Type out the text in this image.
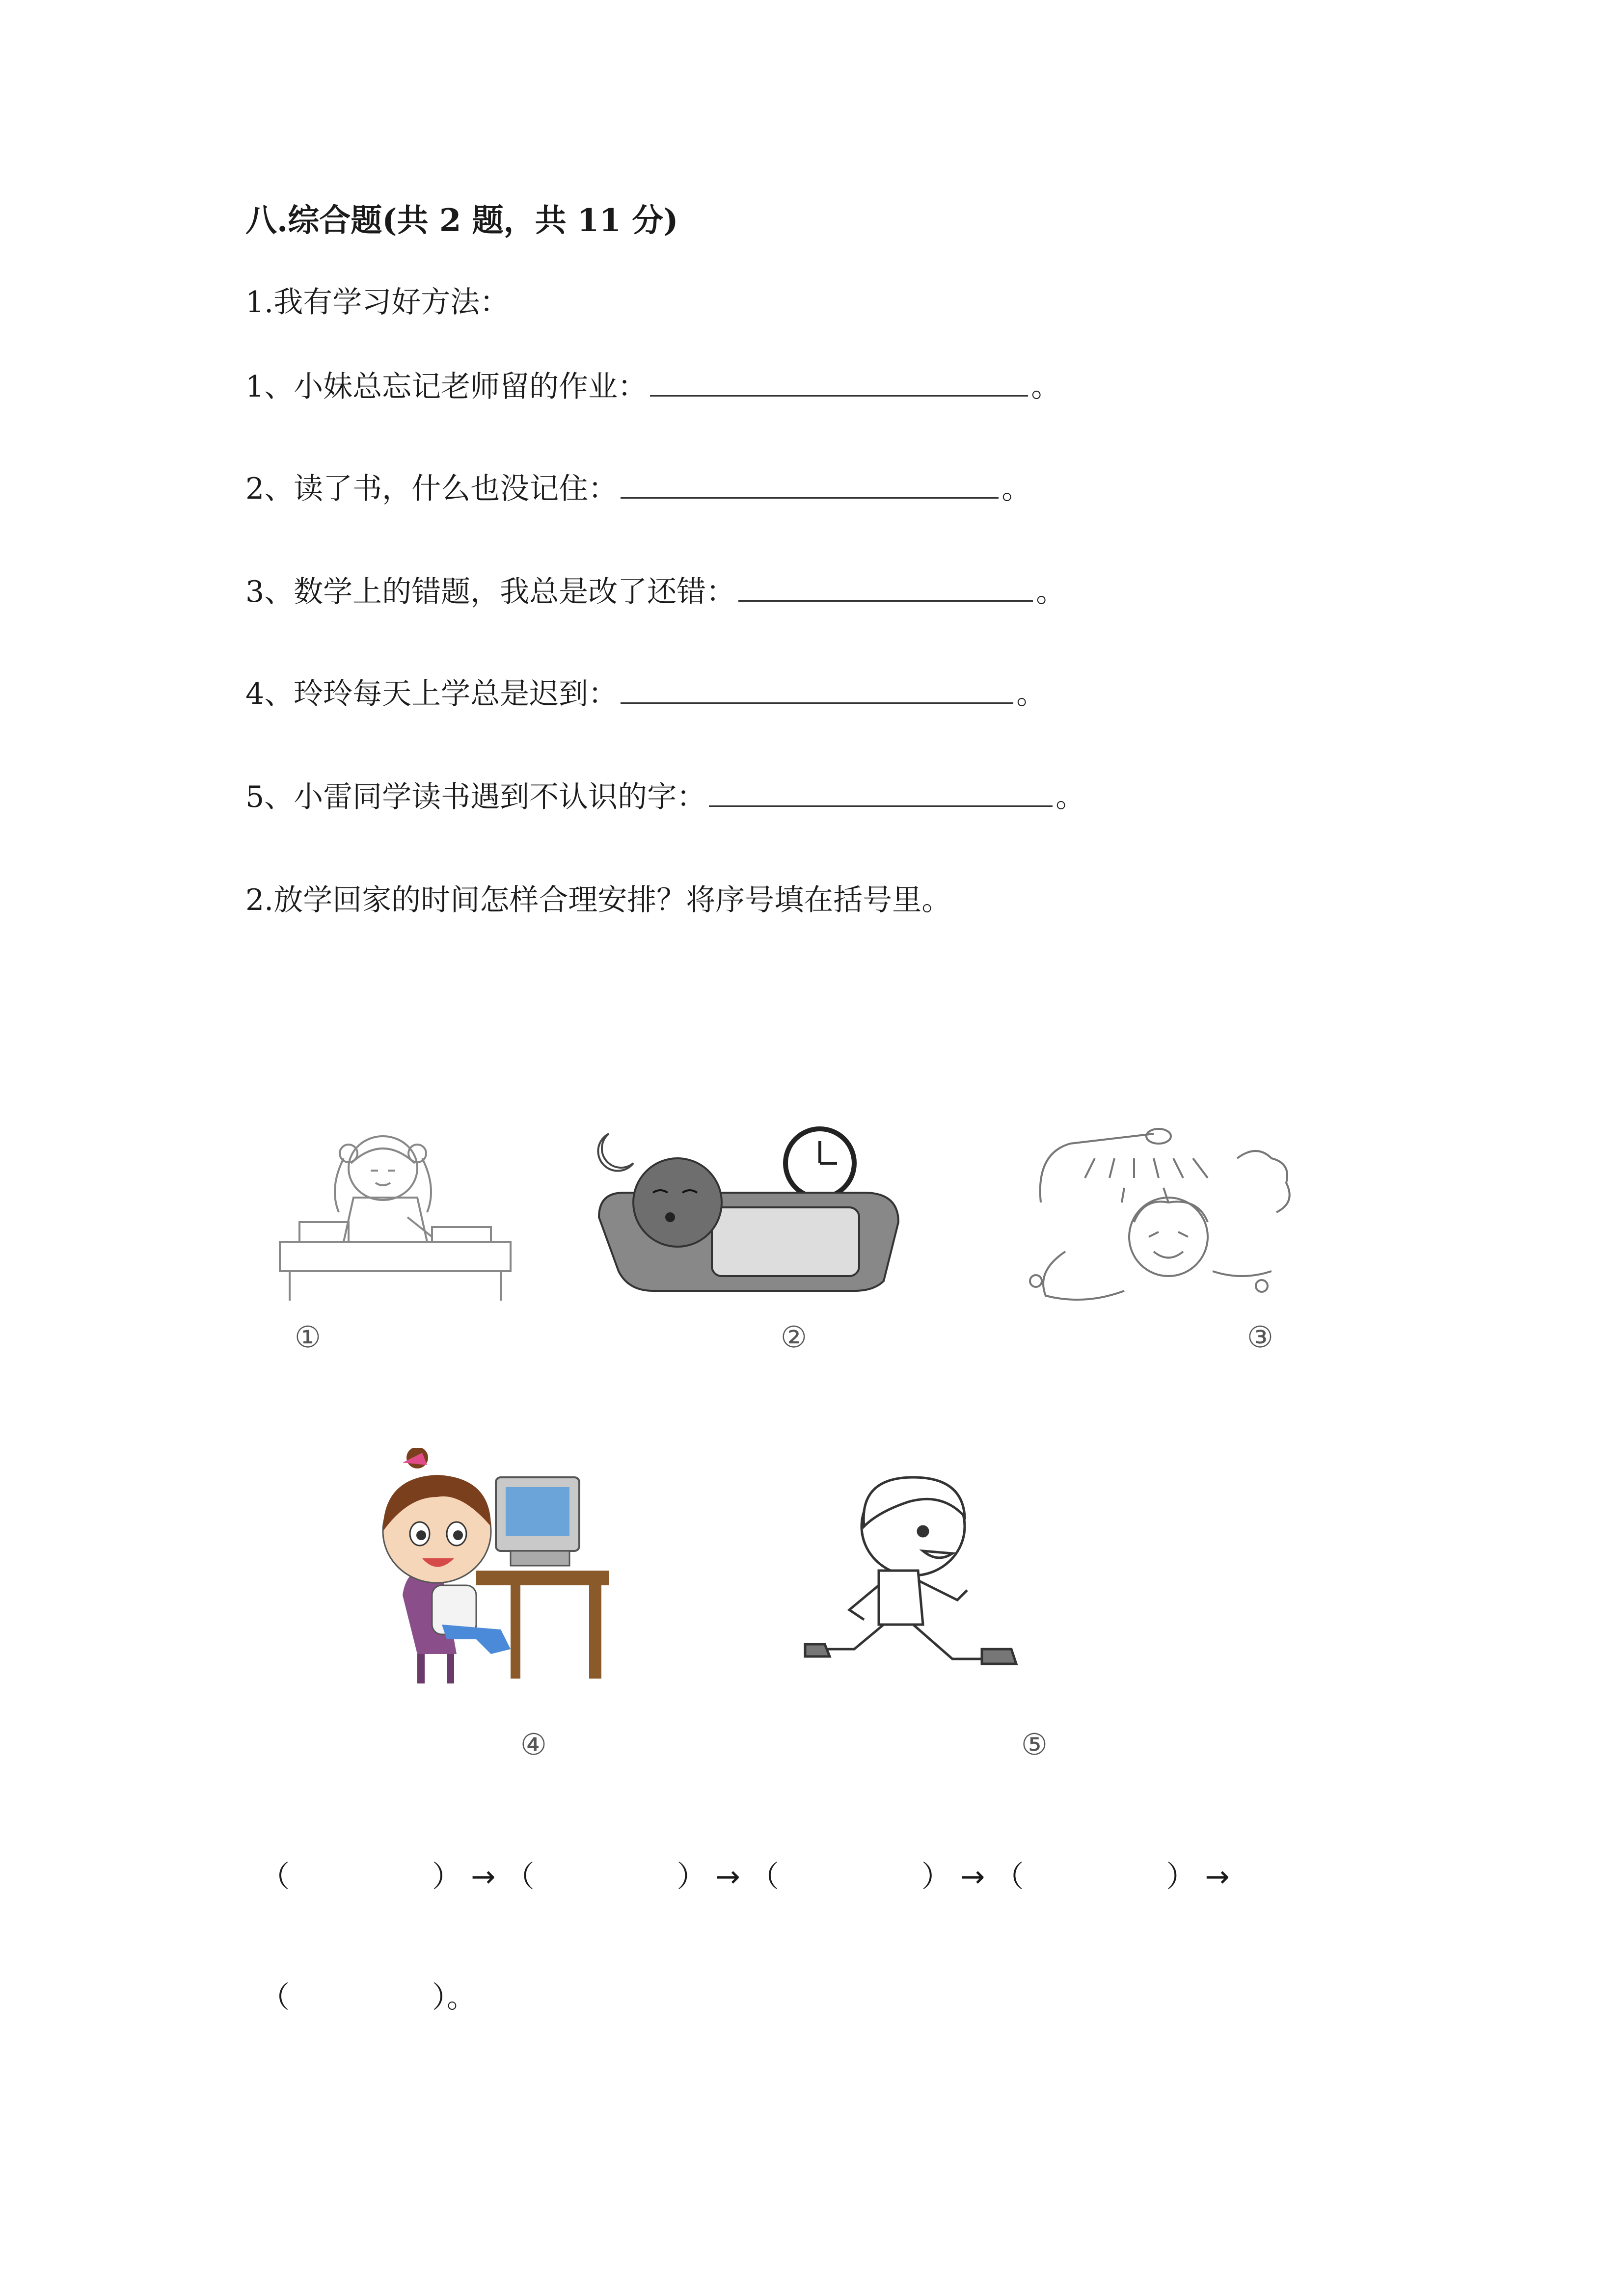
八.综合题(共 2 题，共 11 分)
1.我有学习好方法：
1、小妹总忘记老师留的作业：	。
2、读了书，什么也没记住：	。
3、数学上的错题，我总是改了还错：	。
4、玲玲每天上学总是迟到：	。
5、小雷同学读书遇到不认识的字：	。
2.放学回家的时间怎样合理安排？将序号填在括号里。
①	②	③
④	⑤
（	） → （	） → （	） → （	） →
（	）。
